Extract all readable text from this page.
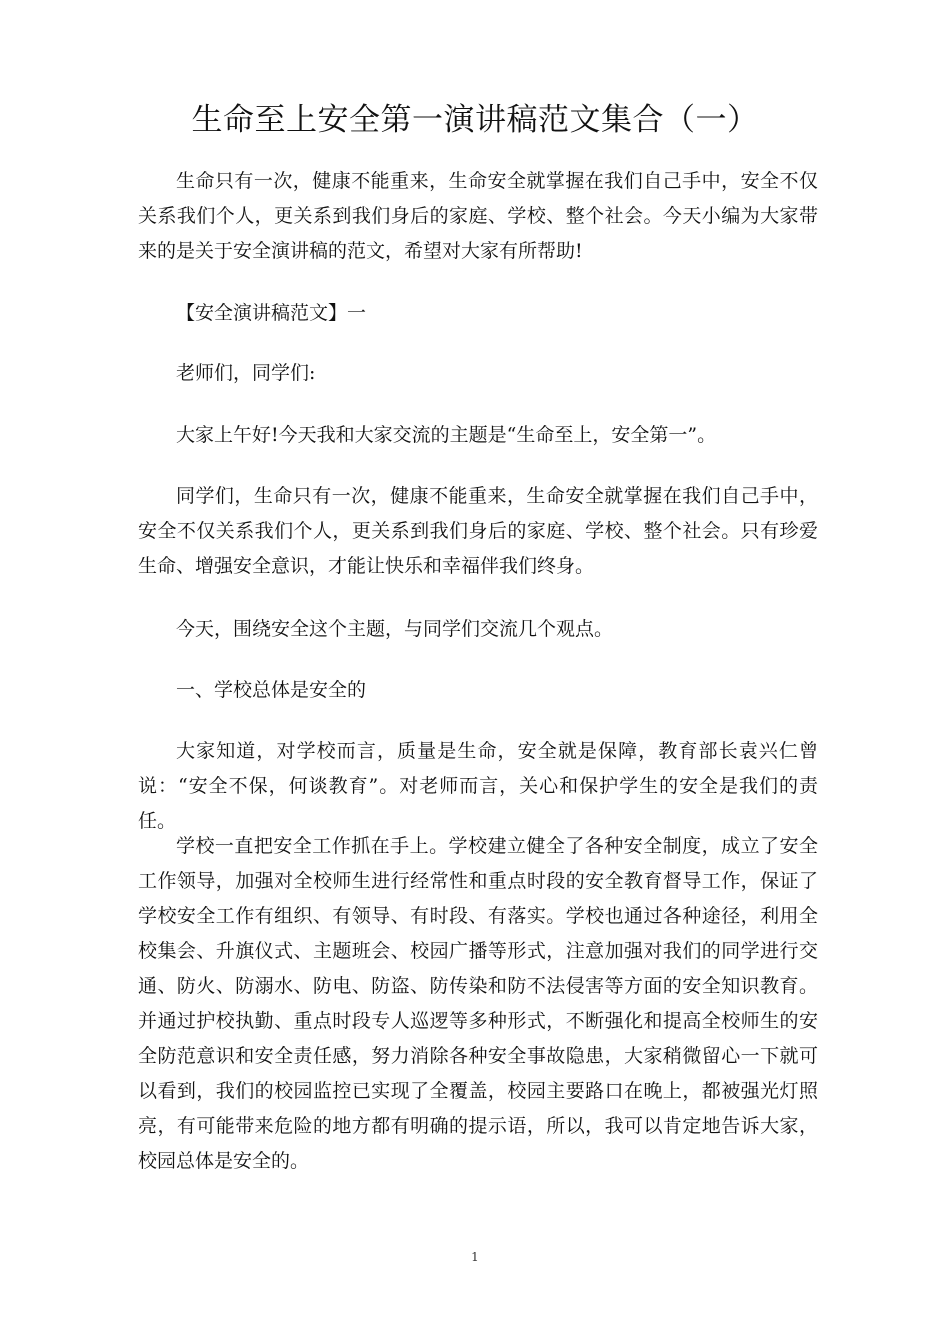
生命至上安全第一演讲稿范文集合（一）

生命只有一次，健康不能重来，生命安全就掌握在我们自己手中，安全不仅关系我们个人，更关系到我们身后的家庭、学校、整个社会。今天小编为大家带来的是关于安全演讲稿的范文，希望对大家有所帮助!

【安全演讲稿范文】一

老师们，同学们:

大家上午好!今天我和大家交流的主题是“生命至上，安全第一”。

同学们，生命只有一次，健康不能重来，生命安全就掌握在我们自己手中，安全不仅关系我们个人，更关系到我们身后的家庭、学校、整个社会。只有珍爱生命、增强安全意识，才能让快乐和幸福伴我们终身。

今天，围绕安全这个主题，与同学们交流几个观点。

一、学校总体是安全的

大家知道，对学校而言，质量是生命，安全就是保障，教育部长袁兴仁曾说：“安全不保，何谈教育”。对老师而言，关心和保护学生的安全是我们的责任。

学校一直把安全工作抓在手上。学校建立健全了各种安全制度，成立了安全工作领导，加强对全校师生进行经常性和重点时段的安全教育督导工作，保证了学校安全工作有组织、有领导、有时段、有落实。学校也通过各种途径，利用全校集会、升旗仪式、主题班会、校园广播等形式，注意加强对我们的同学进行交通、防火、防溺水、防电、防盗、防传染和防不法侵害等方面的安全知识教育。并通过护校执勤、重点时段专人巡逻等多种形式，不断强化和提高全校师生的安全防范意识和安全责任感，努力消除各种安全事故隐患，大家稍微留心一下就可以看到，我们的校园监控已实现了全覆盖，校园主要路口在晚上，都被强光灯照亮，有可能带来危险的地方都有明确的提示语，所以，我可以肯定地告诉大家，校园总体是安全的。

1
